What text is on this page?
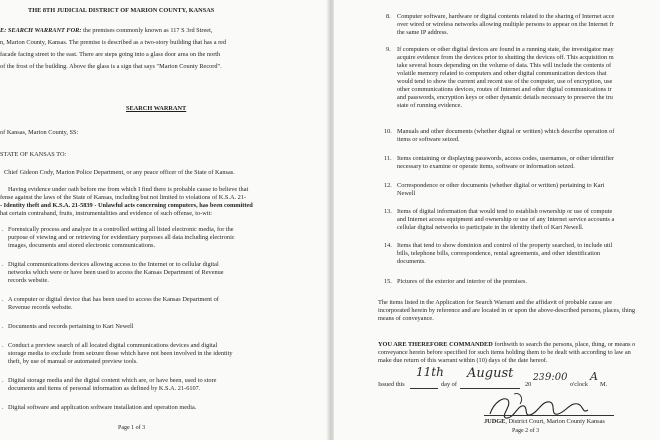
THE 8TH JUDICIAL DISTRICT OF MARION COUNTY, KANSAS
E: SEARCH WARRANT FOR: the premises commonly known as 117 S 3rd Street,
n, Marion County, Kansas. The premise is described as a two-story building that has a red
facade facing street to the east. There are steps going into a glass door area on the north
of the frost of the building. Above the glass is a sign that says "Marion County Record".
SEARCH WARRANT
of Kansas, Marion County, SS:
STATE OF KANSAS TO:
Chief Gideon Cody, Marion Police Department, or any peace officer of the State of Kansas.
Having evidence under oath before me from which I find there is probable cause to believe that
fense against the laws of the State of Kansas, including but not limited to violations of K.S.A. 21-
- Identity theft and K.S.A. 21-5839 - Unlawful acts concerning computers, has been committed
hat certain contraband, fruits, instrumentalities and evidence of such offense, to-wit:
. Forensically process and analyze in a controlled setting all listed electronic media, for the
purpose of viewing and or retrieving for evidentiary purposes all data including electronic
images, documents and stored electronic communications.
. Digital communications devices allowing access to the Internet or to cellular digital
networks which were or have been used to access the Kansas Department of Revenue
records website.
. A computer or digital device that has been used to access the Kansas Department of
Revenue records website.
. Documents and records pertaining to Kari Newell
. Conduct a preview search of all located digital communications devices and digital
storage media to exclude from seizure those which have not been involved in the identity
theft, by use of manual or automated preview tools.
. Digital storage media and the digital content which are, or have been, used to store
documents and items of personal information as defined by K.S.A. 21-6107.
. Digital software and application software installation and operation media.
Page 1 of 3
8. Computer software, hardware or digital contents related to the sharing of Internet acce
over wired or wireless networks allowing multiple persons to appear on the Internet fr
the same IP address.
9. If computers or other digital devices are found in a running state, the investigator may
acquire evidence from the devices prior to shutting the devices off. This acquisition m
take several hours depending on the volume of data. This will include the contents of
volatile memory related to computers and other digital communication devices that
would tend to show the current and recent use of the computer, use of encryption, use
other communications devices, routes of Internet and other digital communications tr
and passwords, encryption keys or other dynamic details necessary to preserve the tru
state of running evidence.
10. Manuals and other documents (whether digital or written) which describe operation of
items or software seized.
11. Items containing or displaying passwords, access codes, usernames, or other identifier
necessary to examine or operate items, software or information seized.
12. Correspondence or other documents (whether digital or written) pertaining to Kari
Newell
13. Items of digital information that would tend to establish ownership or use of compute
and Internet access equipment and ownership or use of any Internet service accounts a
cellular digital networks to participate in the identity theft of Kari Newell.
14. Items that tend to show dominion and control of the property searched, to include util
bills, telephone bills, correspondence, rental agreements, and other identification
documents.
15. Pictures of the exterior and interior of the premises.
The items listed in the Application for Search Warrant and the affidavit of probable cause are
incorporated herein by reference and are located in or upon the above-described persons, places, thing
means of conveyance.
YOU ARE THEREFORE COMMANDED forthwith to search the persons, place, thing, or means o
conveyance herein before specified for such items holding them to be dealt with according to law an
make due return of this warrant within (10) days of the date hereof.
Issued this
11th
day of
August
20
23 9:00
o'clock
A
M.
JUDGE, District Court, Marion County Kansas
Page 2 of 3
